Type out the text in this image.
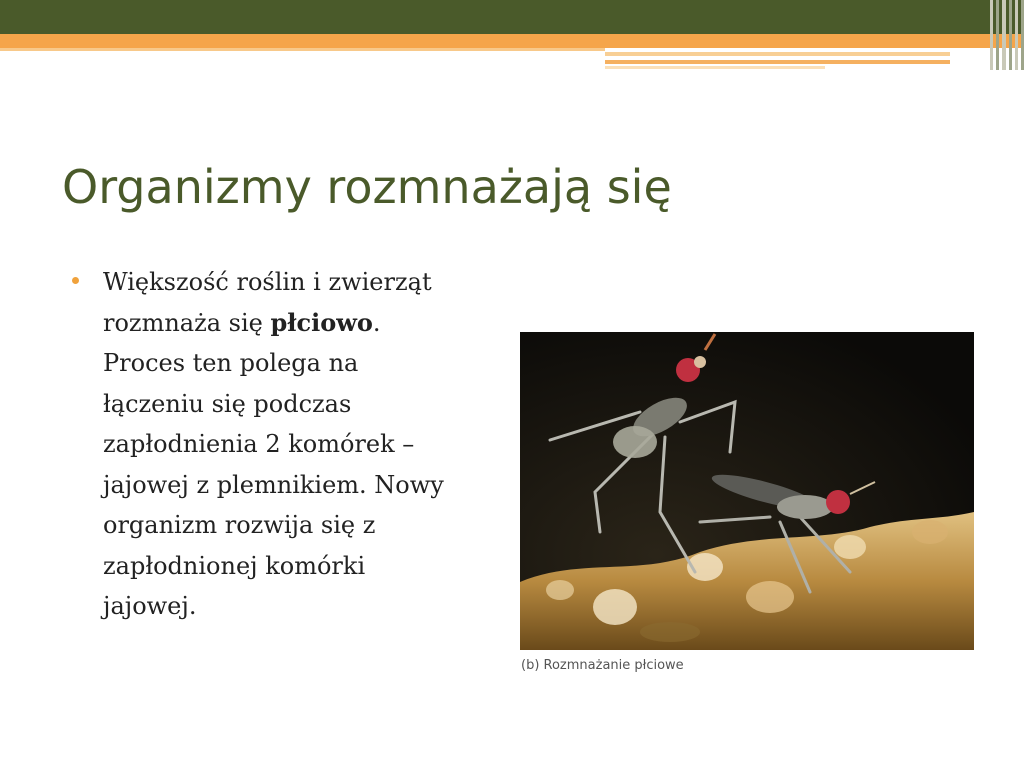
Organizmy rozmnażają się
Większość roślin i zwierząt rozmnaża się płciowo. Proces ten polega na łączeniu się podczas zapłodnienia 2 komórek – jajowej z plemnikiem. Nowy organizm rozwija się z zapłodnionej komórki jajowej.
(b) Rozmnażanie płciowe
